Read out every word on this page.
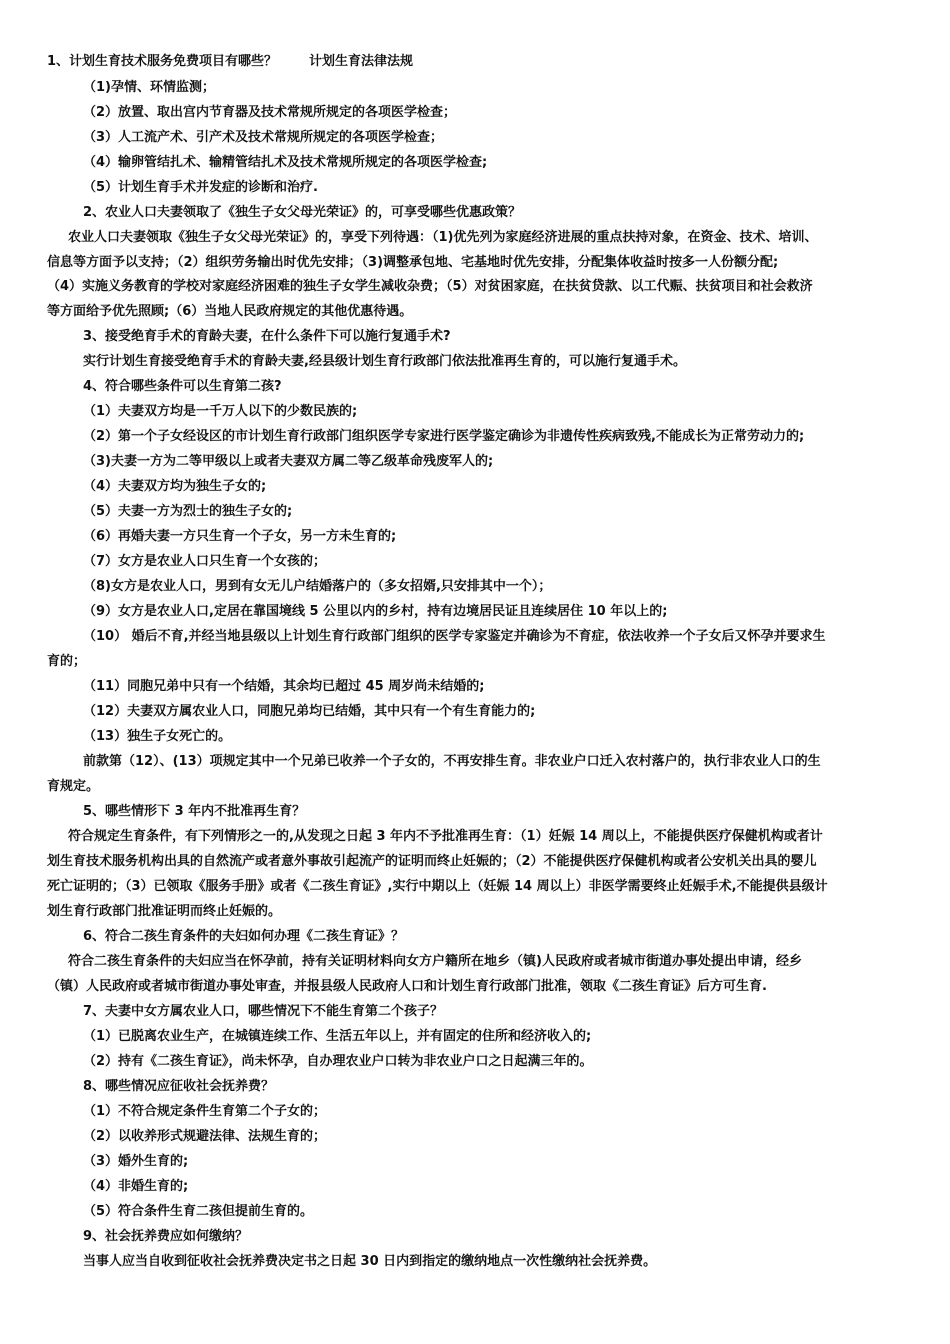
1、计划生育技术服务免费项目有哪些？ 计划生育法律法规
（1)孕情、环情监测；
（2）放置、取出宫内节育器及技术常规所规定的各项医学检查；
（3）人工流产术、引产术及技术常规所规定的各项医学检查；
（4）输卵管结扎术、输精管结扎术及技术常规所规定的各项医学检查;
（5）计划生育手术并发症的诊断和治疗.
2、农业人口夫妻领取了《独生子女父母光荣证》的，可享受哪些优惠政策？
农业人口夫妻领取《独生子女父母光荣证》的，享受下列待遇：（1)优先列为家庭经济进展的重点扶持对象，在资金、技术、培训、
信息等方面予以支持；（2）组织劳务输出时优先安排；（3)调整承包地、宅基地时优先安排，分配集体收益时按多一人份额分配;
（4）实施义务教育的学校对家庭经济困难的独生子女学生减收杂费；（5）对贫困家庭，在扶贫贷款、以工代赈、扶贫项目和社会救济
等方面给予优先照顾;（6）当地人民政府规定的其他优惠待遇。
3、接受绝育手术的育龄夫妻，在什么条件下可以施行复通手术?
实行计划生育接受绝育手术的育龄夫妻,经县级计划生育行政部门依法批准再生育的，可以施行复通手术。
4、符合哪些条件可以生育第二孩?
（1）夫妻双方均是一千万人以下的少数民族的;
（2）第一个子女经设区的市计划生育行政部门组织医学专家进行医学鉴定确诊为非遗传性疾病致残,不能成长为正常劳动力的;
（3)夫妻一方为二等甲级以上或者夫妻双方属二等乙级革命残废军人的;
（4）夫妻双方均为独生子女的;
（5）夫妻一方为烈士的独生子女的;
（6）再婚夫妻一方只生育一个子女，另一方未生育的;
（7）女方是农业人口只生育一个女孩的；
（8)女方是农业人口，男到有女无儿户结婚落户的（多女招婿,只安排其中一个）；
（9）女方是农业人口,定居在靠国境线 5 公里以内的乡村，持有边境居民证且连续居住 10 年以上的;
（10） 婚后不育,并经当地县级以上计划生育行政部门组织的医学专家鉴定并确诊为不育症，依法收养一个子女后又怀孕并要求生
育的；
（11）同胞兄弟中只有一个结婚，其余均已超过 45 周岁尚未结婚的;
（12）夫妻双方属农业人口，同胞兄弟均已结婚，其中只有一个有生育能力的;
（13）独生子女死亡的。
前款第（12）、(13）项规定其中一个兄弟已收养一个子女的，不再安排生育。非农业户口迁入农村落户的，执行非农业人口的生
育规定。
5、哪些情形下 3 年内不批准再生育？
符合规定生育条件，有下列情形之一的,从发现之日起 3 年内不予批准再生育：（1）妊娠 14 周以上，不能提供医疗保健机构或者计
划生育技术服务机构出具的自然流产或者意外事故引起流产的证明而终止妊娠的；（2）不能提供医疗保健机构或者公安机关出具的婴儿
死亡证明的；（3）已领取《服务手册》或者《二孩生育证》,实行中期以上（妊娠 14 周以上）非医学需要终止妊娠手术,不能提供县级计
划生育行政部门批准证明而终止妊娠的。
6、符合二孩生育条件的夫妇如何办理《二孩生育证》？
符合二孩生育条件的夫妇应当在怀孕前，持有关证明材料向女方户籍所在地乡（镇)人民政府或者城市街道办事处提出申请，经乡
（镇）人民政府或者城市街道办事处审查，并报县级人民政府人口和计划生育行政部门批准，领取《二孩生育证》后方可生育.
7、夫妻中女方属农业人口，哪些情况下不能生育第二个孩子？
（1）已脱离农业生产，在城镇连续工作、生活五年以上，并有固定的住所和经济收入的;
（2）持有《二孩生育证》，尚未怀孕，自办理农业户口转为非农业户口之日起满三年的。
8、哪些情况应征收社会抚养费？
（1）不符合规定条件生育第二个子女的；
（2）以收养形式规避法律、法规生育的；
（3）婚外生育的;
（4）非婚生育的;
（5）符合条件生育二孩但提前生育的。
9、社会抚养费应如何缴纳？
当事人应当自收到征收社会抚养费决定书之日起 30 日内到指定的缴纳地点一次性缴纳社会抚养费。
